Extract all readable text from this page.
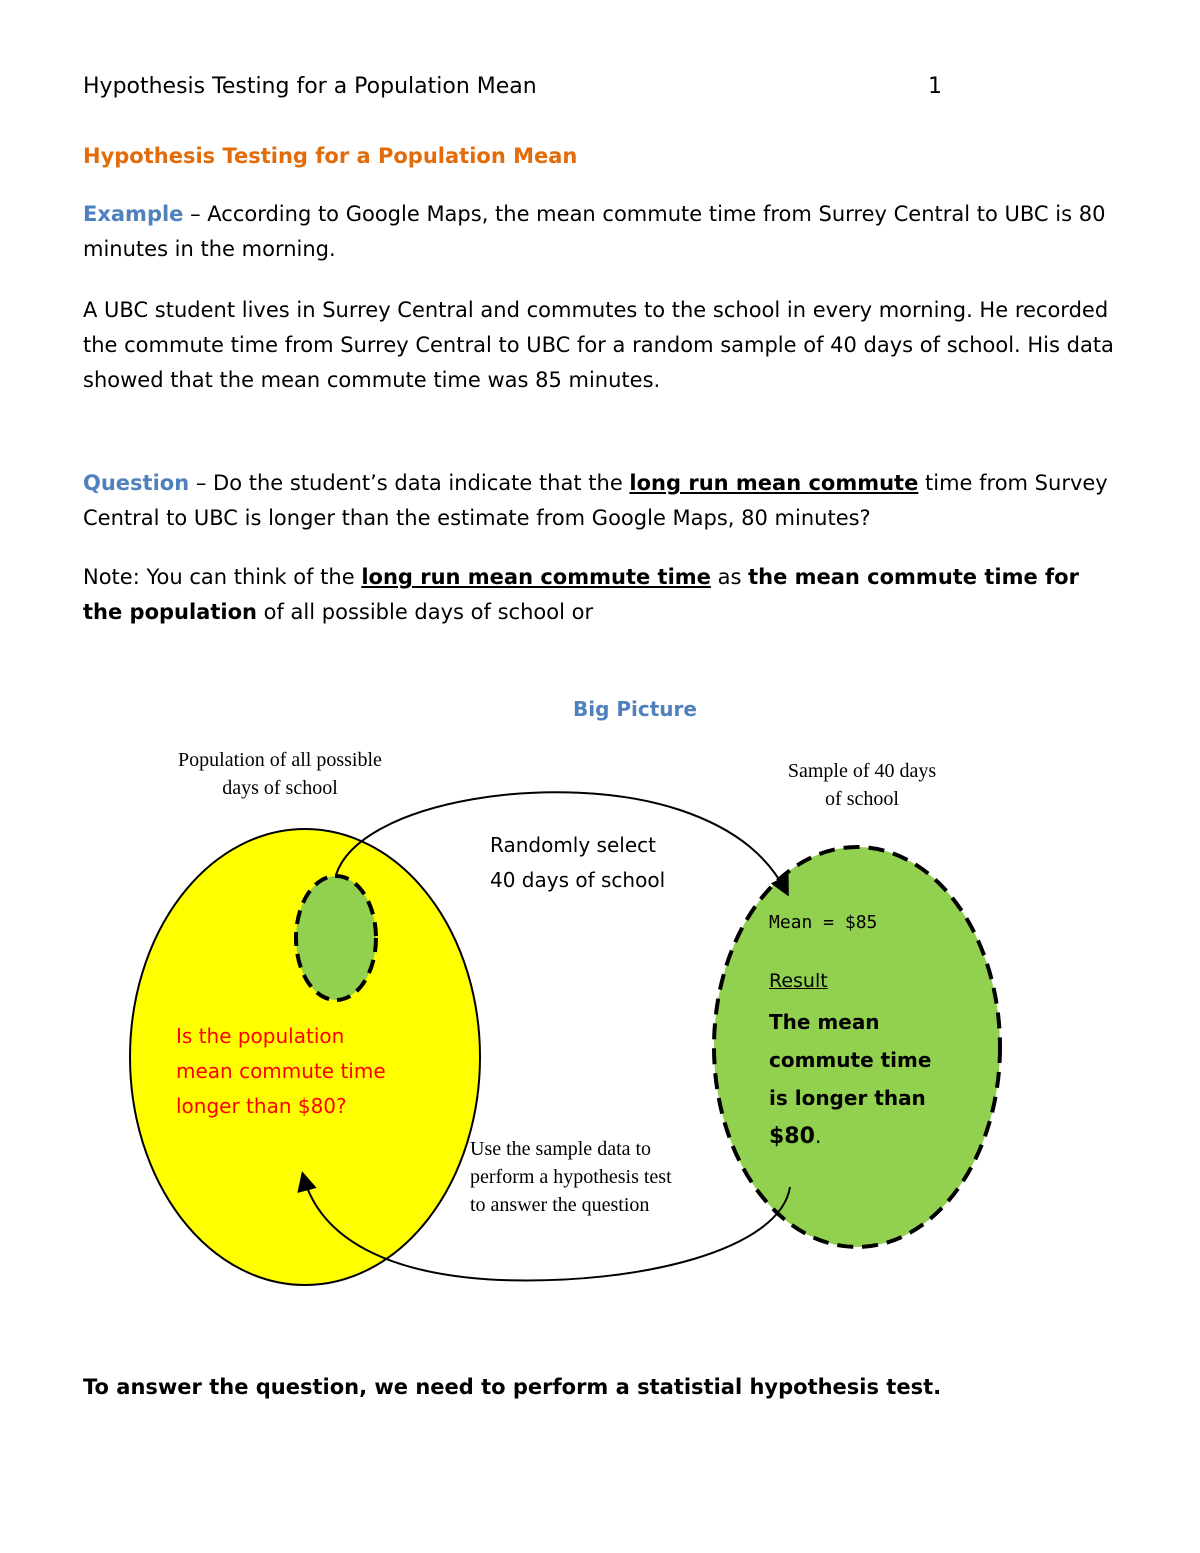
Hypothesis Testing for a Population Mean	1
Hypothesis Testing for a Population Mean
Example – According to Google Maps, the mean commute time from Surrey Central to UBC is 80 minutes in the morning.
A UBC student lives in Surrey Central and commutes to the school in every morning. He recorded the commute time from Surrey Central to UBC for a random sample of 40 days of school. His data showed that the mean commute time was 85 minutes.
Question – Do the student’s data indicate that the long run mean commute time from Survey Central to UBC is longer than the estimate from Google Maps, 80 minutes?
Note: You can think of the long run mean commute time as the mean commute time for the population of all possible days of school or
Big Picture
Population of all possible
days of school
Sample of 40 days
of school
Randomly select
40 days of school
Mean = $85
Result
The mean
commute time
is longer than
$80.
Is the population
mean commute time
longer than $80?
Use the sample data to
perform a hypothesis test
to answer the question
To answer the question, we need to perform a statistial hypothesis test.
